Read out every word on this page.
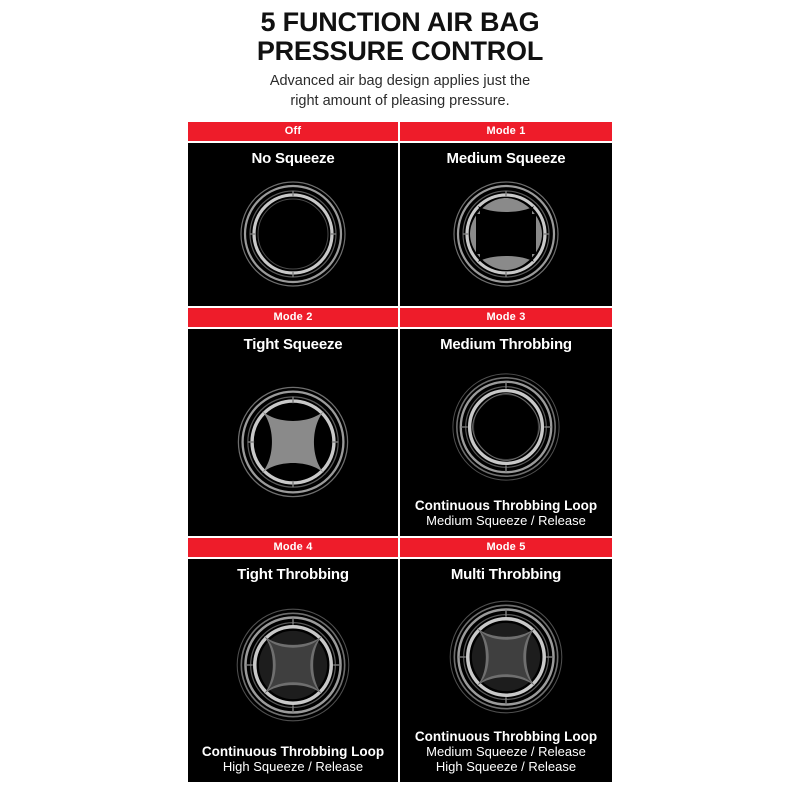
5 FUNCTION AIR BAG
PRESSURE CONTROL

Advanced air bag design applies just the
right amount of pleasing pressure.

Off
No Squeeze
Mode 1
Medium Squeeze
Mode 2
Tight Squeeze
Mode 3
Medium Throbbing
Continuous Throbbing Loop
Medium Squeeze / Release
Mode 4
Tight Throbbing
Continuous Throbbing Loop
High Squeeze / Release
Mode 5
Multi Throbbing
Continuous Throbbing Loop
Medium Squeeze / Release
High Squeeze / Release
